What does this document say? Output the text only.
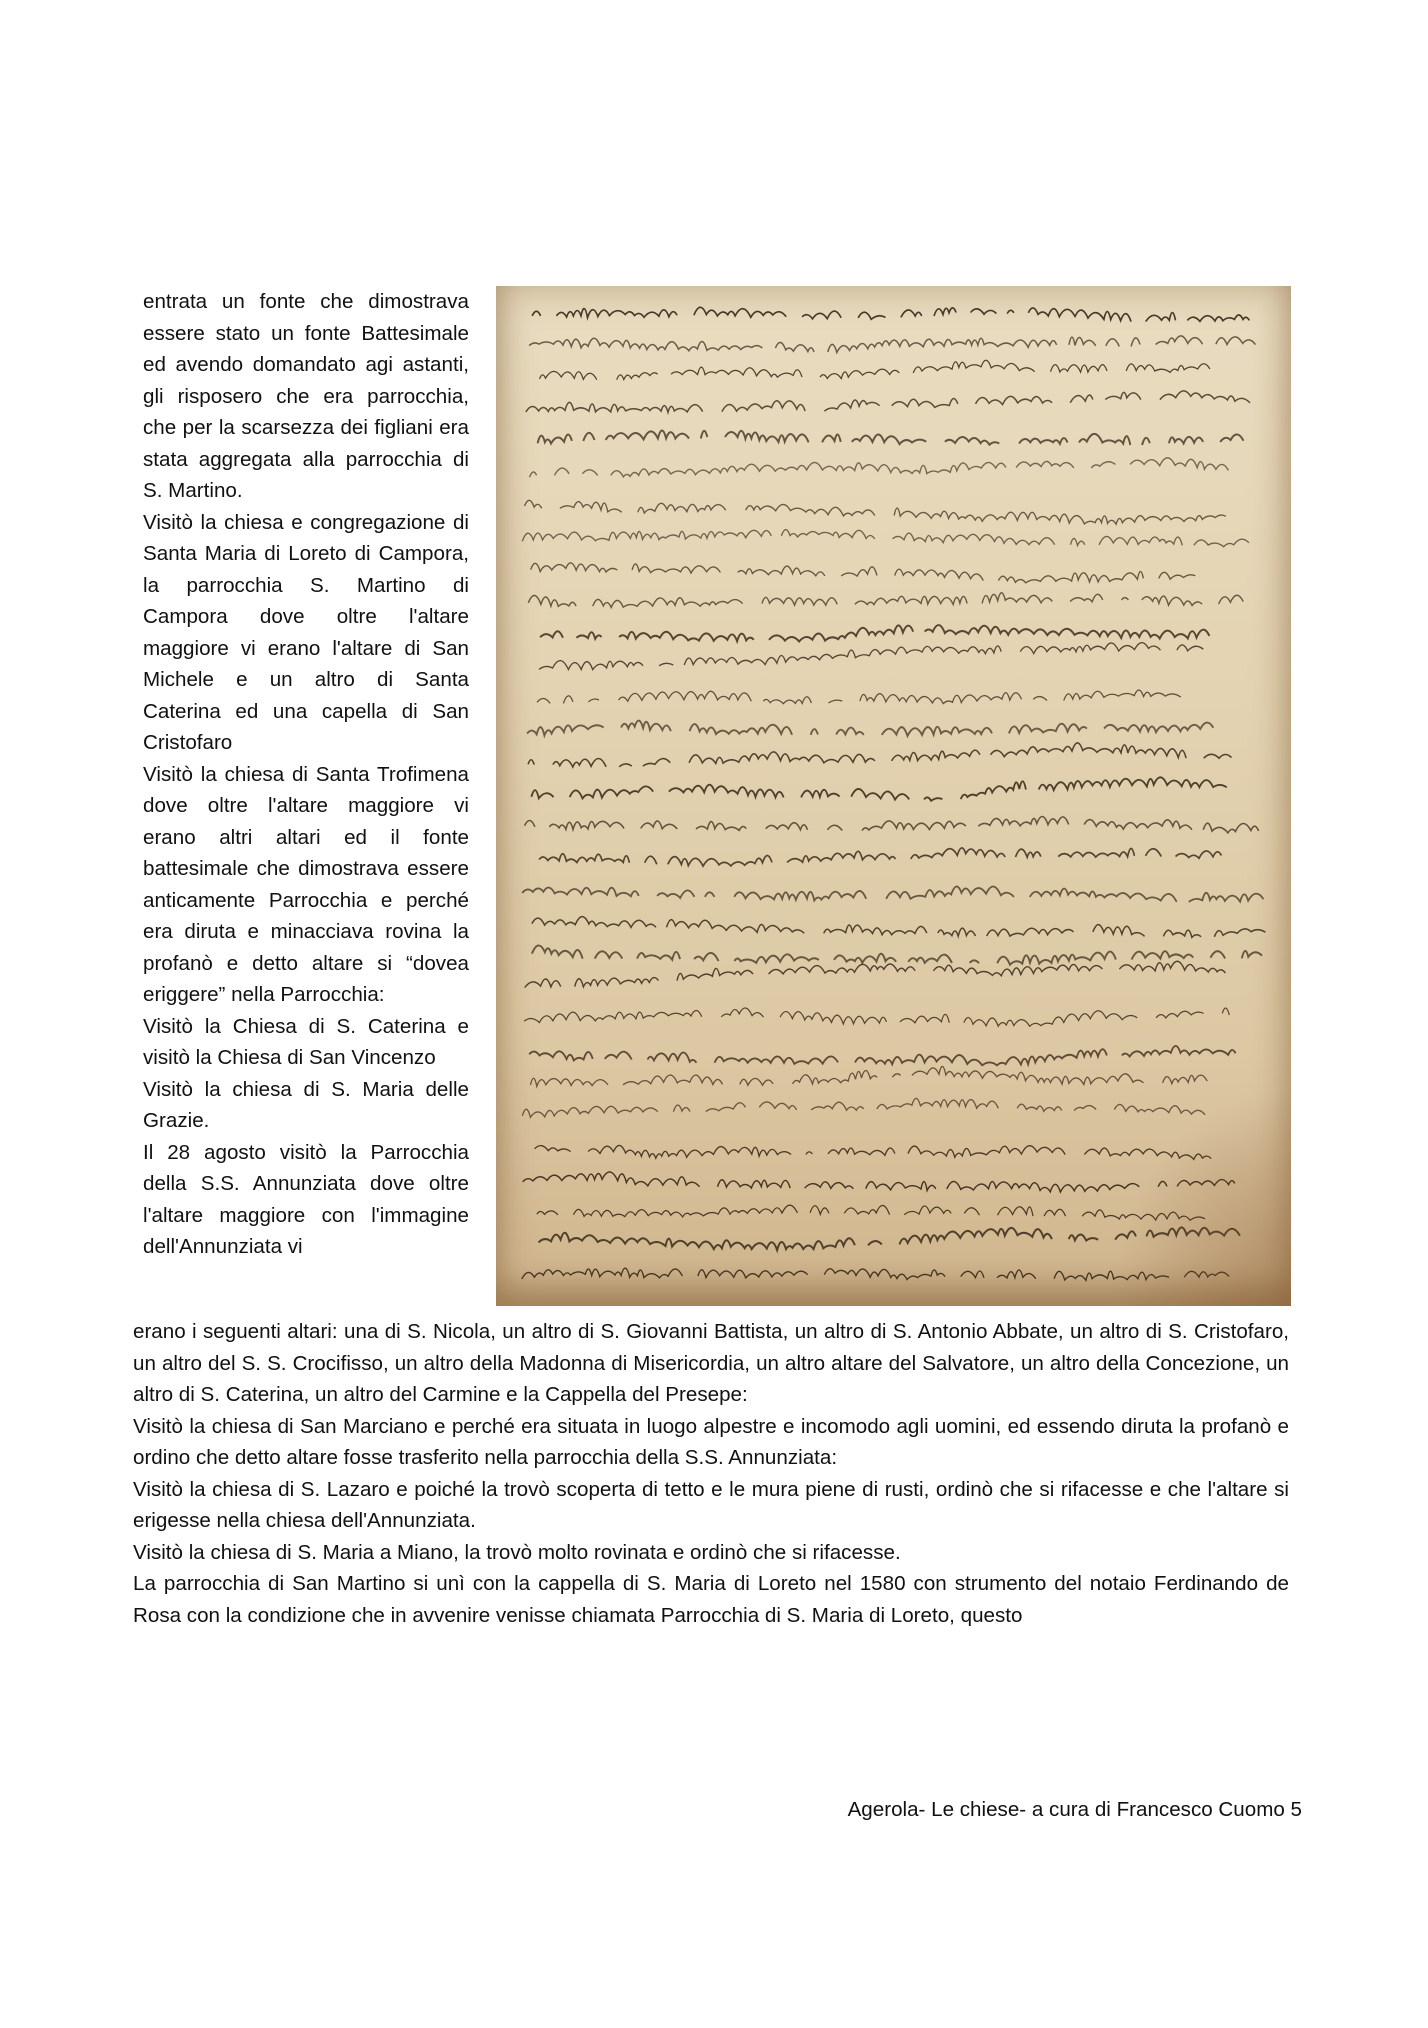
entrata un fonte che dimostrava essere stato un fonte Battesimale ed avendo domandato agi astanti, gli risposero che era parrocchia, che per la scarsezza dei figliani era stata aggregata alla parrocchia di S. Martino.

Visitò la chiesa e congregazione di Santa Maria di Loreto di Campora, la parrocchia S. Martino di Campora dove oltre l'altare maggiore vi erano l'altare di San Michele e un altro di Santa Caterina ed una capella di San Cristofaro

Visitò la chiesa di Santa Trofimena dove oltre l'altare maggiore vi erano altri altari ed il fonte battesimale che dimostrava essere anticamente Parrocchia e perché era diruta e minacciava rovina la profanò e detto altare si “dovea eriggere” nella Parrocchia:

Visitò la Chiesa di S. Caterina e visitò la Chiesa di San Vincenzo

Visitò la chiesa di S. Maria delle Grazie.

Il 28 agosto visitò la Parrocchia della S.S. Annunziata dove oltre l'altare maggiore con l'immagine dell'Annunziata vi

erano i seguenti altari: una di S. Nicola, un altro di S. Giovanni Battista, un altro di S. Antonio Abbate, un altro di S. Cristofaro, un altro del S. S. Crocifisso, un altro della Madonna di Misericordia, un altro altare del Salvatore, un altro della Concezione, un altro di S. Caterina, un altro del Carmine e la Cappella del Presepe:

Visitò la chiesa di San Marciano e perché era situata in luogo alpestre e incomodo agli uomini, ed essendo diruta la profanò e ordino che detto altare fosse trasferito nella parrocchia della S.S. Annunziata:

Visitò la chiesa di S. Lazaro e poiché la trovò scoperta di tetto e le mura piene di rusti, ordinò che si rifacesse e che l'altare si erigesse nella chiesa dell'Annunziata.

Visitò la chiesa di S. Maria a Miano, la trovò molto rovinata e ordinò che si rifacesse.

La parrocchia di San Martino si unì con la cappella di S. Maria di Loreto nel 1580 con strumento del notaio Ferdinando de Rosa con la condizione che in avvenire venisse chiamata Parrocchia di S. Maria di Loreto, questo

Agerola- Le chiese- a cura di Francesco Cuomo 5
